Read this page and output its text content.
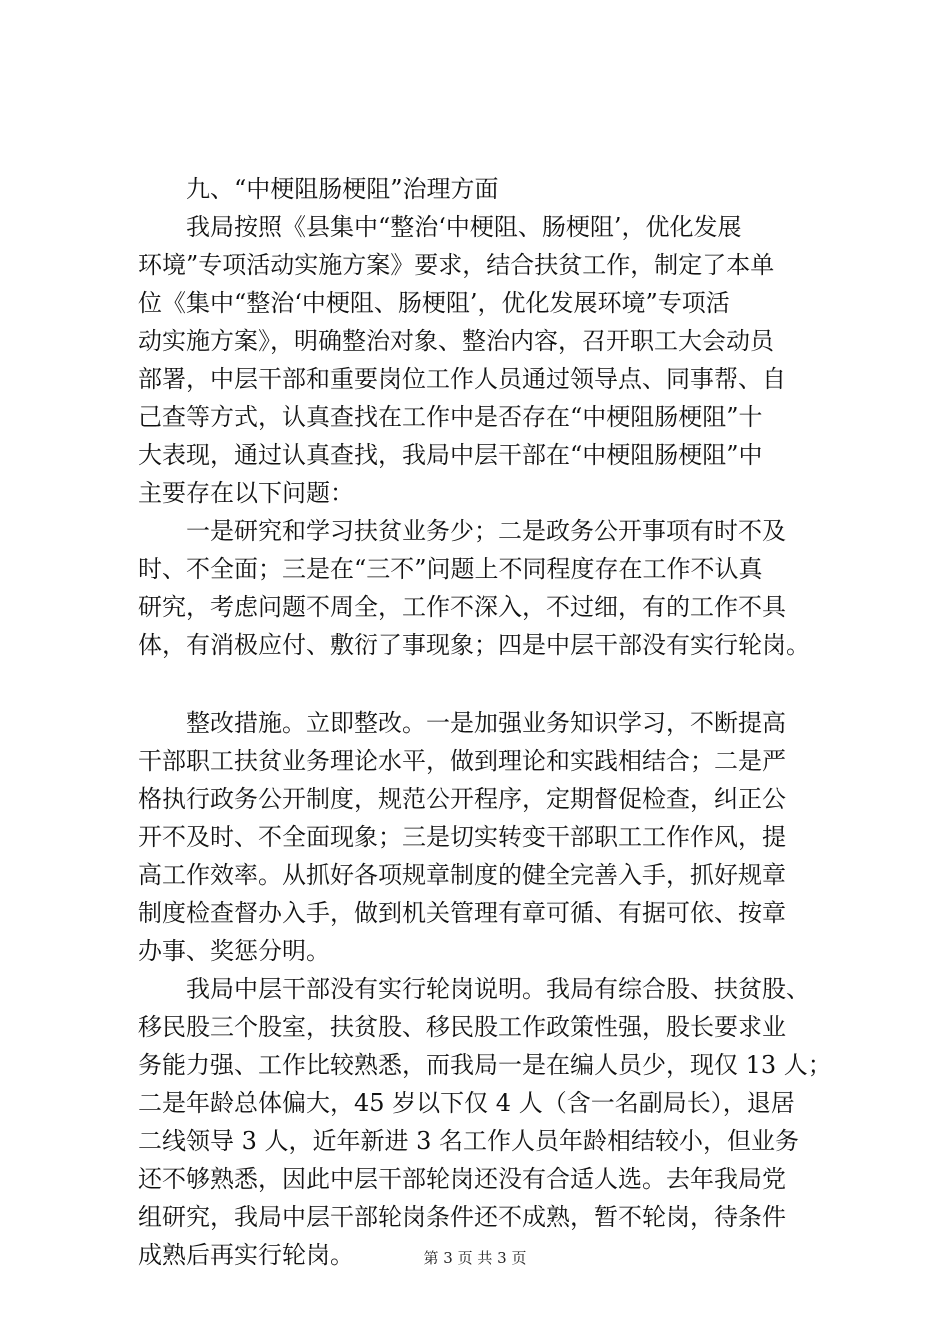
　　九、“中梗阻肠梗阻”治理方面
　　我局按照《县集中“整治‘中梗阻、肠梗阻’，优化发展
环境”专项活动实施方案》要求，结合扶贫工作，制定了本单
位《集中“整治‘中梗阻、肠梗阻’，优化发展环境”专项活
动实施方案》，明确整治对象、整治内容，召开职工大会动员
部署，中层干部和重要岗位工作人员通过领导点、同事帮、自
己查等方式，认真查找在工作中是否存在“中梗阻肠梗阻”十
大表现，通过认真查找，我局中层干部在“中梗阻肠梗阻”中
主要存在以下问题：
　　一是研究和学习扶贫业务少；二是政务公开事项有时不及
时、不全面；三是在“三不”问题上不同程度存在工作不认真
研究，考虑问题不周全，工作不深入，不过细，有的工作不具
体，有消极应付、敷衍了事现象；四是中层干部没有实行轮岗。
　　整改措施。立即整改。一是加强业务知识学习，不断提高
干部职工扶贫业务理论水平，做到理论和实践相结合；二是严
格执行政务公开制度，规范公开程序，定期督促检查，纠正公
开不及时、不全面现象；三是切实转变干部职工工作作风，提
高工作效率。从抓好各项规章制度的健全完善入手，抓好规章
制度检查督办入手，做到机关管理有章可循、有据可依、按章
办事、奖惩分明。
　　我局中层干部没有实行轮岗说明。我局有综合股、扶贫股、
移民股三个股室，扶贫股、移民股工作政策性强，股长要求业
务能力强、工作比较熟悉，而我局一是在编人员少，现仅 13 人；
二是年龄总体偏大，45 岁以下仅 4 人（含一名副局长），退居
二线领导 3 人，近年新进 3 名工作人员年龄相结较小，但业务
还不够熟悉，因此中层干部轮岗还没有合适人选。去年我局党
组研究，我局中层干部轮岗条件还不成熟，暂不轮岗，待条件
成熟后再实行轮岗。	第 3 页 共 3 页
